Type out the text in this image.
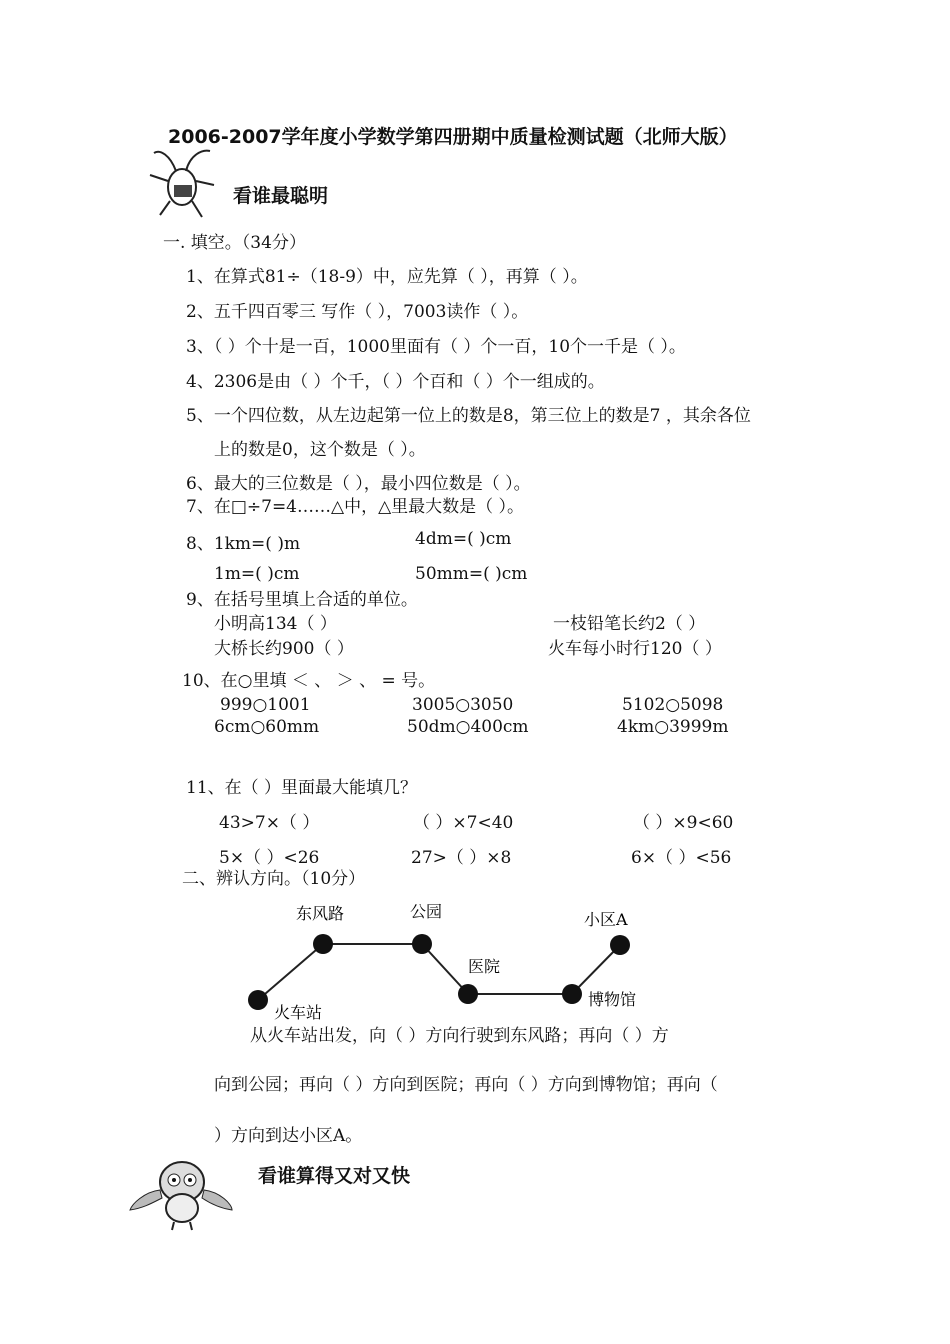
2006-2007学年度小学数学第四册期中质量检测试题（北师大版）
看谁最聪明
一. 填空。（34分）
1、在算式81÷（18-9）中，应先算（ ），再算（ ）。
2、五千四百零三 写作（ ），7003读作（ ）。
3、（ ）个十是一百，1000里面有（ ）个一百，10个一千是（ ）。
4、2306是由（ ）个千，（ ）个百和（ ）个一组成的。
5、一个四位数，从左边起第一位上的数是8，第三位上的数是7 ，其余各位
上的数是0，这个数是（ ）。
6、最大的三位数是（ ），最小四位数是（ ）。
7、在□÷7=4……△中，△里最大数是（ ）。
8、1km=( )m	4dm=( )cm
1m=( )cm	50mm=( )cm
9、在括号里填上合适的单位。
小明高134（ ）	一枝铅笔长约2（ ）
大桥长约900（ ）	火车每小时行120（ ）
10、在○里填 ＜ 、 ＞ 、 = 号。
999○1001	3005○3050	5102○5098
6cm○60mm	50dm○400cm	4km○3999m
11、在（ ）里面最大能填几？
43>7×（ ）	（ ）×7<40	（ ）×9<60
5×（ ）<26	27>（ ）×8	6×（ ）<56
二、辨认方向。（10分）
火车站
东风路	公园
医院
博物馆
小区A
从火车站出发，向（ ）方向行驶到东风路；再向（ ）方
向到公园；再向（ ）方向到医院；再向（ ）方向到博物馆；再向（
）方向到达小区A。
看谁算得又对又快
